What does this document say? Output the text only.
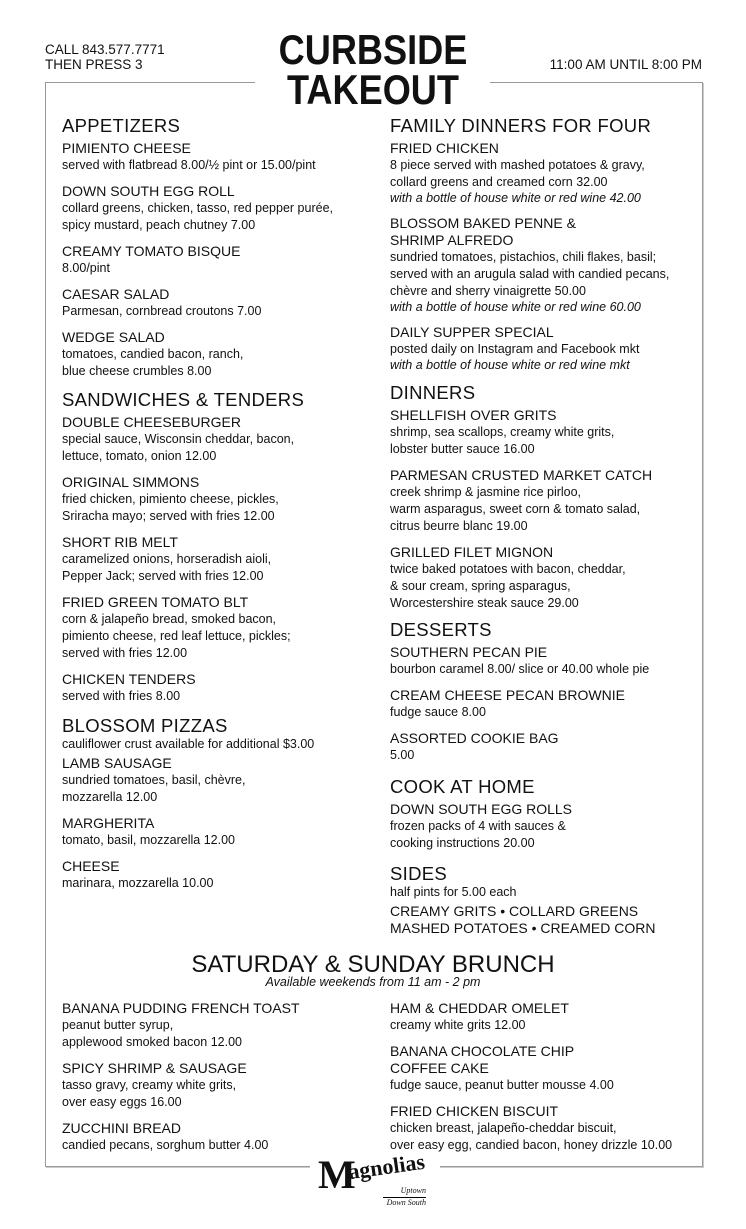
CALL 843.577.7771
THEN PRESS 3	CURBSIDE
TAKEOUT
11:00 AM UNTIL 8:00 PM
APPETIZERS
PIMIENTO CHEESE
served with flatbread 8.00/½ pint or 15.00/pint
DOWN SOUTH EGG ROLL
collard greens, chicken, tasso, red pepper purée,
spicy mustard, peach chutney 7.00
CREAMY TOMATO BISQUE
8.00/pint
CAESAR SALAD
Parmesan, cornbread croutons 7.00
WEDGE SALAD
tomatoes, candied bacon, ranch,
blue cheese crumbles 8.00
SANDWICHES & TENDERS
DOUBLE CHEESEBURGER
special sauce, Wisconsin cheddar, bacon,
lettuce, tomato, onion 12.00
ORIGINAL SIMMONS
fried chicken, pimiento cheese, pickles,
Sriracha mayo; served with fries 12.00
SHORT RIB MELT
caramelized onions, horseradish aioli,
Pepper Jack; served with fries 12.00
FRIED GREEN TOMATO BLT
corn & jalapeño bread, smoked bacon,
pimiento cheese, red leaf lettuce, pickles;
served with fries 12.00
CHICKEN TENDERS
served with fries 8.00
BLOSSOM PIZZAS
cauliflower crust available for additional $3.00
LAMB SAUSAGE
sundried tomatoes, basil, chèvre,
mozzarella 12.00
MARGHERITA
tomato, basil, mozzarella 12.00
CHEESE
marinara, mozzarella 10.00
FAMILY DINNERS FOR FOUR
FRIED CHICKEN
8 piece served with mashed potatoes & gravy,
collard greens and creamed corn 32.00
with a bottle of house white or red wine 42.00
BLOSSOM BAKED PENNE &
SHRIMP ALFREDO
sundried tomatoes, pistachios, chili flakes, basil;
served with an arugula salad with candied pecans,
chèvre and sherry vinaigrette 50.00
with a bottle of house white or red wine 60.00
DAILY SUPPER SPECIAL
posted daily on Instagram and Facebook mkt
with a bottle of house white or red wine mkt
DINNERS
SHELLFISH OVER GRITS
shrimp, sea scallops, creamy white grits,
lobster butter sauce 16.00
PARMESAN CRUSTED MARKET CATCH
creek shrimp & jasmine rice pirloo,
warm asparagus, sweet corn & tomato salad,
citrus beurre blanc 19.00
GRILLED FILET MIGNON
twice baked potatoes with bacon, cheddar,
& sour cream, spring asparagus,
Worcestershire steak sauce 29.00
DESSERTS
SOUTHERN PECAN PIE
bourbon caramel 8.00/ slice or 40.00 whole pie
CREAM CHEESE PECAN BROWNIE
fudge sauce 8.00
ASSORTED COOKIE BAG
5.00
COOK AT HOME
DOWN SOUTH EGG ROLLS
frozen packs of 4 with sauces &
cooking instructions 20.00
SIDES
half pints for 5.00 each
CREAMY GRITS • COLLARD GREENS
MASHED POTATOES • CREAMED CORN
BANANA PUDDING FRENCH TOAST
peanut butter syrup,
applewood smoked bacon 12.00
SPICY SHRIMP & SAUSAGE
tasso gravy, creamy white grits,
over easy eggs 16.00
ZUCCHINI BREAD
candied pecans, sorghum butter 4.00
HAM & CHEDDAR OMELET
creamy white grits 12.00
BANANA CHOCOLATE CHIP
COFFEE CAKE
fudge sauce, peanut butter mousse 4.00
FRIED CHICKEN BISCUIT
chicken breast, jalapeño-cheddar biscuit,
over easy egg, candied bacon, honey drizzle 10.00
SATURDAY & SUNDAY BRUNCH
Available weekends from 11 am - 2 pm
M
agnolias
Uptown
Down South
